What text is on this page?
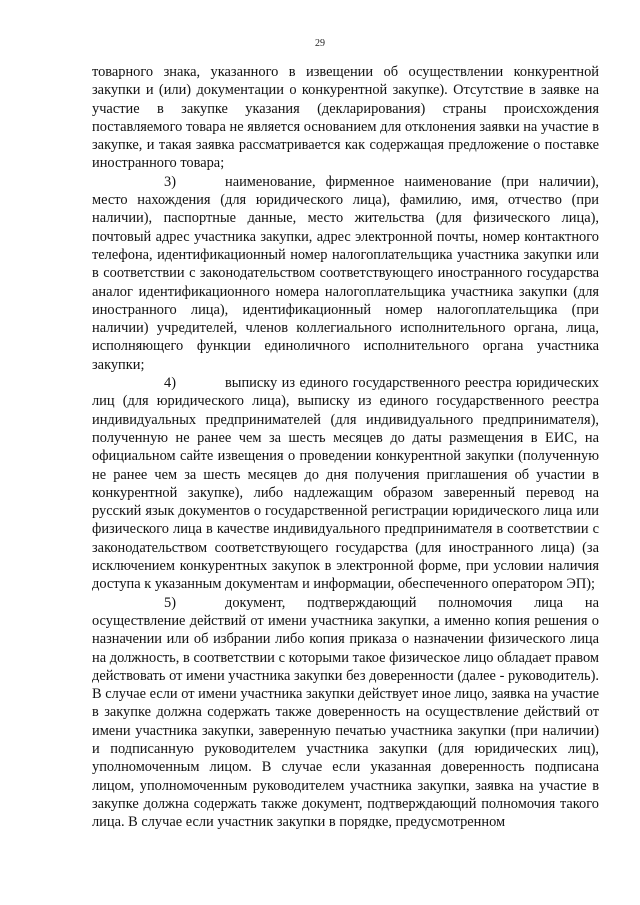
29

товарного знака, указанного в извещении об осуществлении конкурентной закупки и (или) документации о конкурентной закупке). Отсутствие в заявке на участие в закупке указания (декларирования) страны происхождения поставляемого товара не является основанием для отклонения заявки на участие в закупке, и такая заявка рассматривается как содержащая предложение о поставке иностранного товара;

3)	наименование, фирменное наименование (при наличии), место нахождения (для юридического лица), фамилию, имя, отчество (при наличии), паспортные данные, место жительства (для физического лица), почтовый адрес участника закупки, адрес электронной почты, номер контактного телефона, идентификационный номер налогоплательщика участника закупки или в соответствии с законодательством соответствующего иностранного государства аналог идентификационного номера налогоплательщика участника закупки (для иностранного лица), идентификационный номер налогоплательщика (при наличии) учредителей, членов коллегиального исполнительного органа, лица, исполняющего функции единоличного исполнительного органа участника закупки;

4)	выписку из единого государственного реестра юридических лиц (для юридического лица), выписку из единого государственного реестра индивидуальных предпринимателей (для индивидуального предпринимателя), полученную не ранее чем за шесть месяцев до даты размещения в ЕИС, на официальном сайте извещения о проведении конкурентной закупки (полученную не ранее чем за шесть месяцев до дня получения приглашения об участии в конкурентной закупке), либо надлежащим образом заверенный перевод на русский язык документов о государственной регистрации юридического лица или физического лица в качестве индивидуального предпринимателя в соответствии с законодательством соответствующего государства (для иностранного лица) (за исключением конкурентных закупок в электронной форме, при условии наличия доступа к указанным документам и информации, обеспеченного оператором ЭП);

5)	документ, подтверждающий полномочия лица на осуществление действий от имени участника закупки, а именно копия решения о назначении или об избрании либо копия приказа о назначении физического лица на должность, в соответствии с которыми такое физическое лицо обладает правом действовать от имени участника закупки без доверенности (далее - руководитель). В случае если от имени участника закупки действует иное лицо, заявка на участие в закупке должна содержать также доверенность на осуществление действий от имени участника закупки, заверенную печатью участника закупки (при наличии) и подписанную руководителем участника закупки (для юридических лиц), уполномоченным лицом. В случае если указанная доверенность подписана лицом, уполномоченным руководителем участника закупки, заявка на участие в закупке должна содержать также документ, подтверждающий полномочия такого лица. В случае если участник закупки в порядке, предусмотренном
